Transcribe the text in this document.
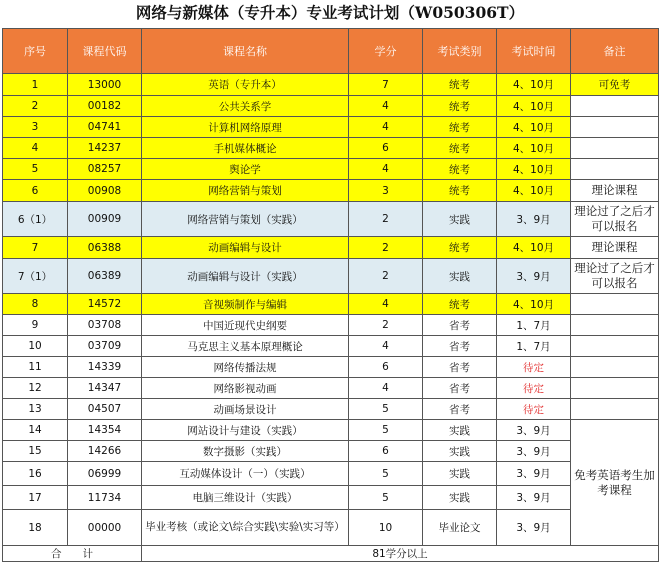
网络与新媒体（专升本）专业考试计划（W050306T）
序号	课程代码	课程名称	学分	考试类别	考试时间	备注
1	13000	英语（专升本）	7	统考	4、10月	可免考
2	00182	公共关系学	4	统考	4、10月	
3	04741	计算机网络原理	4	统考	4、10月	
4	14237	手机媒体概论	6	统考	4、10月	
5	08257	舆论学	4	统考	4、10月	
6	00908	网络营销与策划	3	统考	4、10月	理论课程
6（1）	00909	网络营销与策划（实践）	2	实践	3、9月	理论过了之后才可以报名
7	06388	动画编辑与设计	2	统考	4、10月	理论课程
7（1）	06389	动画编辑与设计（实践）	2	实践	3、9月	理论过了之后才可以报名
8	14572	音视频制作与编辑	4	统考	4、10月	
9	03708	中国近现代史纲要	2	省考	1、7月	
10	03709	马克思主义基本原理概论	4	省考	1、7月	
11	14339	网络传播法规	6	省考	待定	
12	14347	网络影视动画	4	省考	待定	
13	04507	动画场景设计	5	省考	待定	
14	14354	网站设计与建设（实践）	5	实践	3、9月	免考英语考生加考课程
15	14266	数字摄影（实践）	6	实践	3、9月	
16	06999	互动媒体设计（一）（实践）	5	实践	3、9月	
17	11734	电脑三维设计（实践）	5	实践	3、9月	
18	00000	毕业考核（或论文\综合实践\实验\实习等）	10	毕业论文	3、9月	
合　　计		81学分以上				
